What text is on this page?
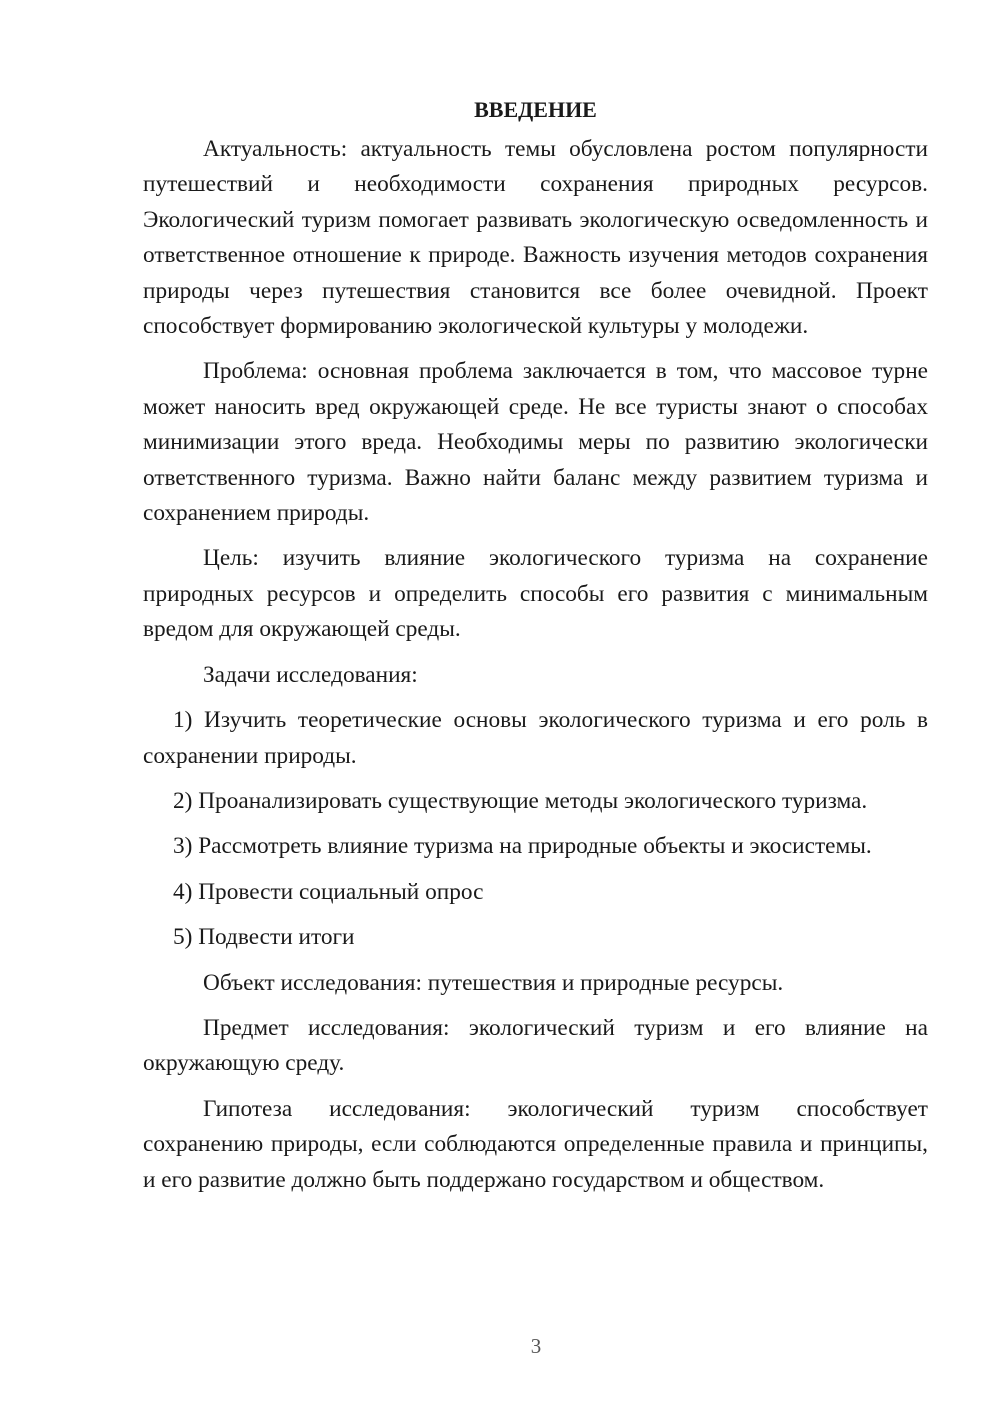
ВВЕДЕНИЕ

Актуальность: актуальность темы обусловлена ростом популярности путешествий и необходимости сохранения природных ресурсов. Экологический туризм помогает развивать экологическую осведомленность и ответственное отношение к природе. Важность изучения методов сохранения природы через путешествия становится все более очевидной. Проект способствует формированию экологической культуры у молодежи.

Проблема: основная проблема заключается в том, что массовое турне может наносить вред окружающей среде. Не все туристы знают о способах минимизации этого вреда. Необходимы меры по развитию экологически ответственного туризма. Важно найти баланс между развитием туризма и сохранением природы.

Цель: изучить влияние экологического туризма на сохранение природных ресурсов и определить способы его развития с минимальным вредом для окружающей среды.

Задачи исследования:

1) Изучить теоретические основы экологического туризма и его роль в сохранении природы.

2) Проанализировать существующие методы экологического туризма.

3) Рассмотреть влияние туризма на природные объекты и экосистемы.

4) Провести социальный опрос

5) Подвести итоги

Объект исследования: путешествия и природные ресурсы.

Предмет исследования: экологический туризм и его влияние на окружающую среду.

Гипотеза исследования: экологический туризм способствует сохранению природы, если соблюдаются определенные правила и принципы, и его развитие должно быть поддержано государством и обществом.

3
